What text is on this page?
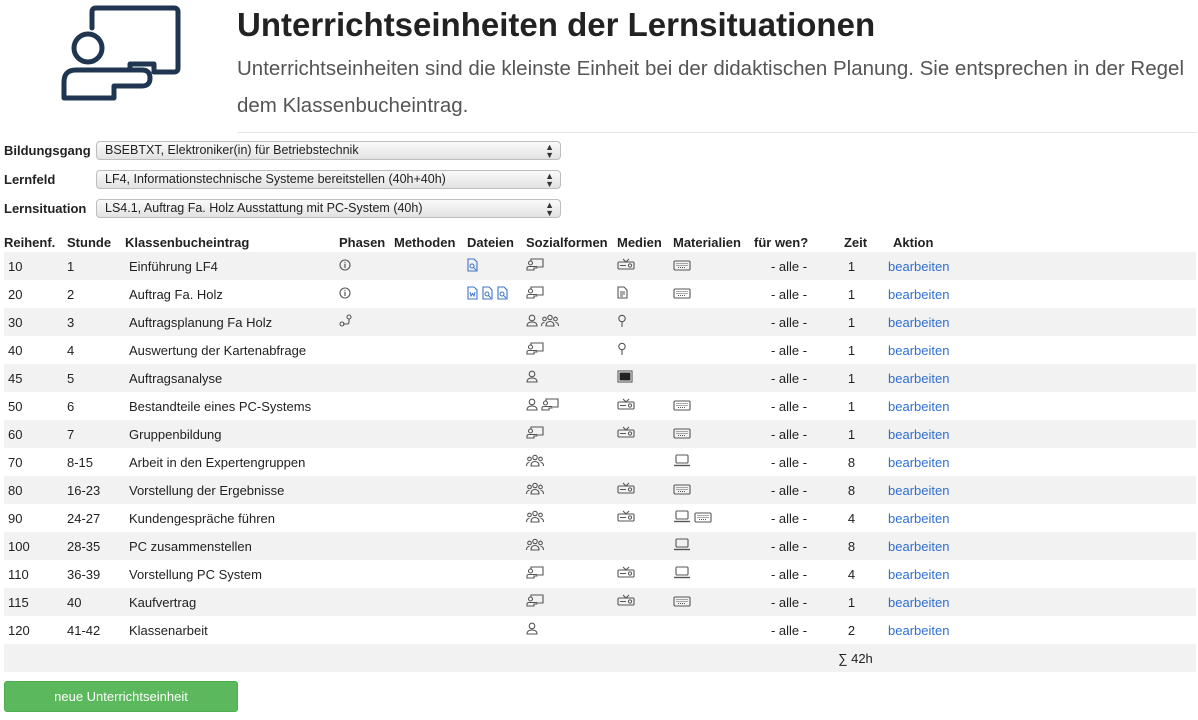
Unterrichtseinheiten der Lernsituationen
Unterrichtseinheiten sind die kleinste Einheit bei der didaktischen Planung. Sie entsprechen in der Regel dem Klassenbucheintrag.
Bildungsgang	BSEBTXT, Elektroniker(in) für Betriebstechnik	▲
▼
Lernfeld	LF4, Informationstechnische Systeme bereitstellen (40h+40h)	▲
▼
Lernsituation	LS4.1, Auftrag Fa. Holz Ausstattung mit PC-System (40h)	▲
▼
Reihenf.	Stunde	Klassenbucheintrag	Phasen	Methoden	Dateien	Sozialformen	Medien	Materialien	für wen?	Zeit	Aktion
10	1	Einführung LF4							- alle -	1	bearbeiten
20	2	Auftrag Fa. Holz							- alle -	1	bearbeiten
30	3	Auftragsplanung Fa Holz							- alle -	1	bearbeiten
40	4	Auswertung der Kartenabfrage							- alle -	1	bearbeiten
45	5	Auftragsanalyse							- alle -	1	bearbeiten
50	6	Bestandteile eines PC-Systems							- alle -	1	bearbeiten
60	7	Gruppenbildung							- alle -	1	bearbeiten
70	8-15	Arbeit in den Expertengruppen							- alle -	8	bearbeiten
80	16-23	Vorstellung der Ergebnisse							- alle -	8	bearbeiten
90	24-27	Kundengespräche führen							- alle -	4	bearbeiten
100	28-35	PC zusammenstellen							- alle -	8	bearbeiten
110	36-39	Vorstellung PC System							- alle -	4	bearbeiten
115	40	Kaufvertrag							- alle -	1	bearbeiten
120	41-42	Klassenarbeit							- alle -	2	bearbeiten
										∑ 42h	
neue Unterrichtseinheit
